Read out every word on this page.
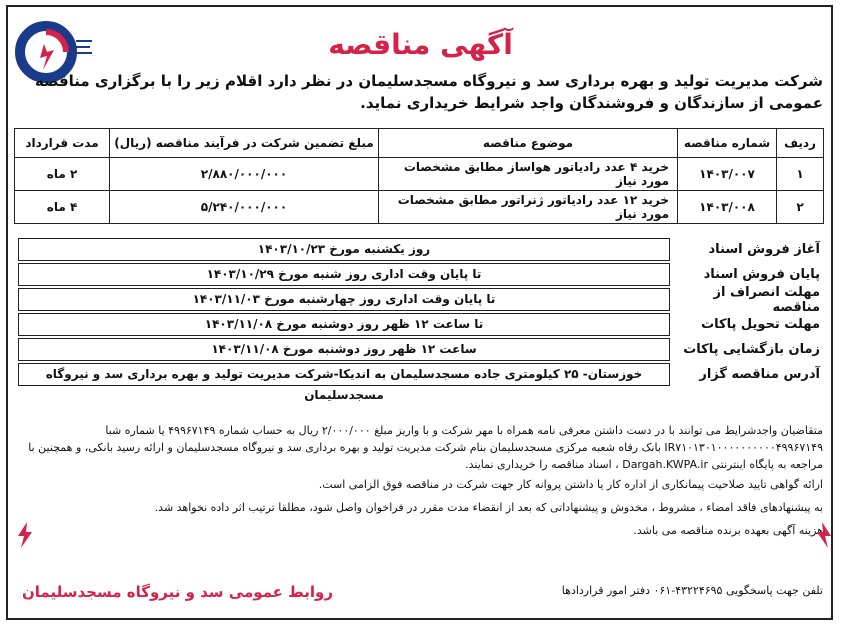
آگهی مناقصه
شرکت مدیریت تولید و بهره برداری سد و نیروگاه مسجدسلیمان در نظر دارد اقلام زیر را با برگزاری مناقصه عمومی از سازندگان و فروشندگان واجد شرایط خریداری نماید.
ردیف	شماره مناقصه	موضوع مناقصه	مبلغ تضمین شرکت در فرآیند مناقصه (ریال)	مدت قرارداد
۱	۱۴۰۳/۰۰۷	خرید ۴ عدد رادیاتور هواساز مطابق مشخصات مورد نیاز	۲/۸۸۰/۰۰۰/۰۰۰	۲ ماه
۲	۱۴۰۳/۰۰۸	خرید ۱۲ عدد رادیاتور ژنراتور مطابق مشخصات مورد نیاز	۵/۲۴۰/۰۰۰/۰۰۰	۴ ماه
آغاز فروش اسناد
روز یکشنبه مورخ ۱۴۰۳/۱۰/۲۳
پایان فروش اسناد
تا پایان وقت اداری روز شنبه مورخ ۱۴۰۳/۱۰/۲۹
مهلت انصراف از مناقصه
تا پایان وقت اداری روز چهارشنبه مورخ ۱۴۰۳/۱۱/۰۳
مهلت تحویل پاکات
تا ساعت ۱۲ ظهر روز دوشنبه مورخ ۱۴۰۳/۱۱/۰۸
زمان بازگشایی پاکات
ساعت ۱۲ ظهر روز دوشنبه مورخ ۱۴۰۳/۱۱/۰۸
آدرس مناقصه گزار
خوزستان- ۲۵ کیلومتری جاده مسجدسلیمان به اندیکا-شرکت مدیریت تولید و بهره برداری سد و نیروگاه مسجدسلیمان
متقاضیان واجدشرایط می توانند با در دست داشتن معرفی نامه همراه با مهر شرکت و با واریز مبلغ ۲/۰۰۰/۰۰۰ ریال به حساب شماره ۴۹۹۶۷۱۴۹ یا شماره شبا IR۷۱۰۱۳۰۱۰۰۰۰۰۰۰۰۰۰۴۹۹۶۷۱۴۹ بانک رفاه شعبه مرکزی مسجدسلیمان بنام شرکت مدیریت تولید و بهره برداری سد و نیروگاه مسجدسلیمان و ارائه رسید بانکی، و همچنین با مراجعه به پایگاه اینترنتی Dargah.KWPA.ir ، اسناد مناقصه را خریداری نمایند.
ارائه گواهی تایید صلاحیت پیمانکاری از اداره کار یا داشتن پروانه کار جهت شرکت در مناقصه فوق الزامی است.
به پیشنهادهای فاقد امضاء ، مشروط ، مخدوش و پیشنهاداتی که بعد از انقضاء مدت مقرر در فراخوان واصل شود، مطلقا ترتیب اثر داده نخواهد شد.
هزینه آگهی بعهده برنده مناقصه می باشد.
تلفن جهت پاسخگویی ۴۳۲۲۴۶۹۵-۰۶۱ دفتر امور قراردادها
روابط عمومی سد و نیروگاه مسجدسلیمان
